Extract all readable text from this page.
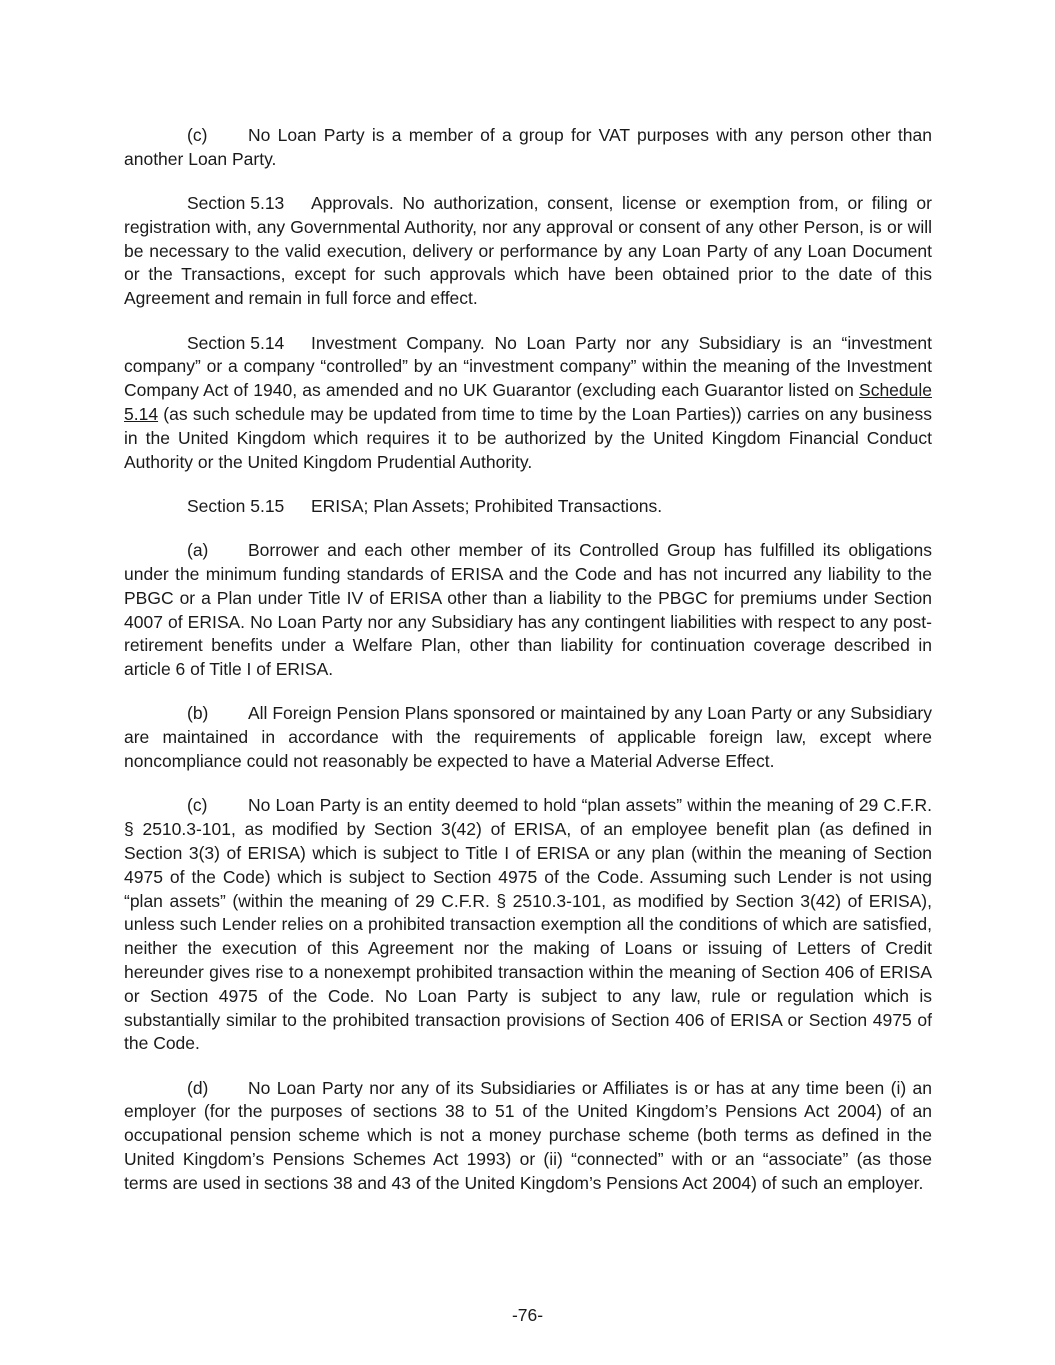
(c) No Loan Party is a member of a group for VAT purposes with any person other than another Loan Party.

Section 5.13 Approvals. No authorization, consent, license or exemption from, or filing or registration with, any Governmental Authority, nor any approval or consent of any other Person, is or will be necessary to the valid execution, delivery or performance by any Loan Party of any Loan Document or the Transactions, except for such approvals which have been obtained prior to the date of this Agreement and remain in full force and effect.

Section 5.14 Investment Company. No Loan Party nor any Subsidiary is an “investment company” or a company “controlled” by an “investment company” within the meaning of the Investment Company Act of 1940, as amended and no UK Guarantor (excluding each Guarantor listed on Schedule 5.14 (as such schedule may be updated from time to time by the Loan Parties)) carries on any business in the United Kingdom which requires it to be authorized by the United Kingdom Financial Conduct Authority or the United Kingdom Prudential Authority.

Section 5.15 ERISA; Plan Assets; Prohibited Transactions.

(a) Borrower and each other member of its Controlled Group has fulfilled its obligations under the minimum funding standards of ERISA and the Code and has not incurred any liability to the PBGC or a Plan under Title IV of ERISA other than a liability to the PBGC for premiums under Section 4007 of ERISA. No Loan Party nor any Subsidiary has any contingent liabilities with respect to any post-retirement benefits under a Welfare Plan, other than liability for continuation coverage described in article 6 of Title I of ERISA.

(b) All Foreign Pension Plans sponsored or maintained by any Loan Party or any Subsidiary are maintained in accordance with the requirements of applicable foreign law, except where noncompliance could not reasonably be expected to have a Material Adverse Effect.

(c) No Loan Party is an entity deemed to hold “plan assets” within the meaning of 29 C.F.R. § 2510.3-101, as modified by Section 3(42) of ERISA, of an employee benefit plan (as defined in Section 3(3) of ERISA) which is subject to Title I of ERISA or any plan (within the meaning of Section 4975 of the Code) which is subject to Section 4975 of the Code. Assuming such Lender is not using “plan assets” (within the meaning of 29 C.F.R. § 2510.3-101, as modified by Section 3(42) of ERISA), unless such Lender relies on a prohibited transaction exemption all the conditions of which are satisfied, neither the execution of this Agreement nor the making of Loans or issuing of Letters of Credit hereunder gives rise to a nonexempt prohibited transaction within the meaning of Section 406 of ERISA or Section 4975 of the Code. No Loan Party is subject to any law, rule or regulation which is substantially similar to the prohibited transaction provisions of Section 406 of ERISA or Section 4975 of the Code.

(d) No Loan Party nor any of its Subsidiaries or Affiliates is or has at any time been (i) an employer (for the purposes of sections 38 to 51 of the United Kingdom’s Pensions Act 2004) of an occupational pension scheme which is not a money purchase scheme (both terms as defined in the United Kingdom’s Pensions Schemes Act 1993) or (ii) “connected” with or an “associate” (as those terms are used in sections 38 and 43 of the United Kingdom’s Pensions Act 2004) of such an employer.

-76-
